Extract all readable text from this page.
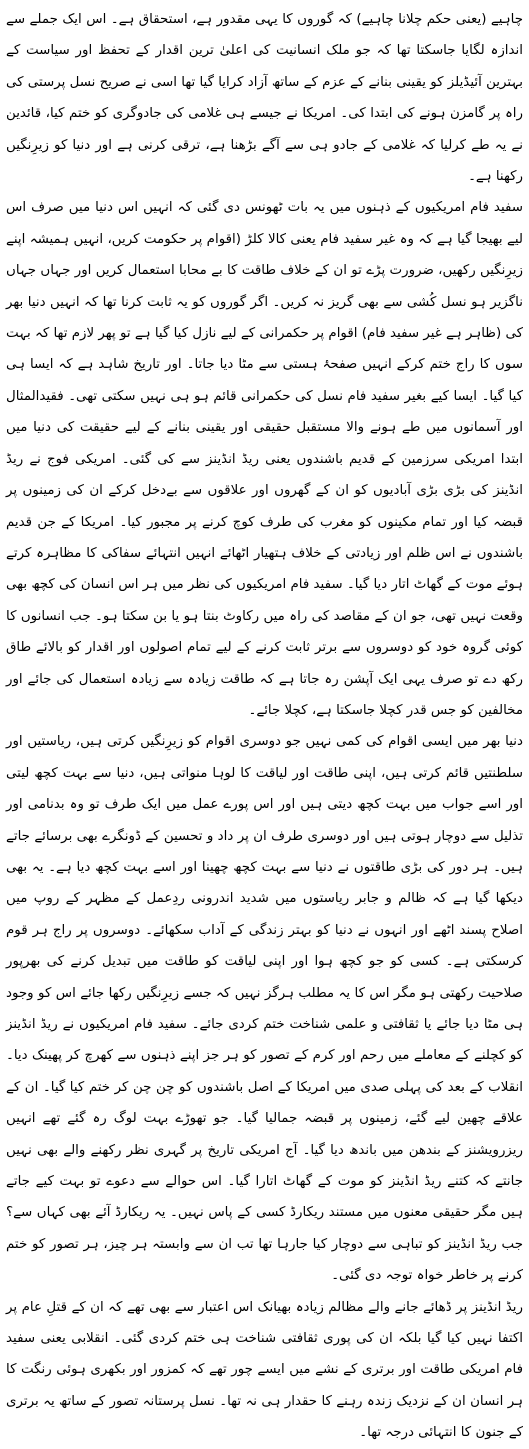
چاہیے (یعنی حکم چلانا چاہیے) کہ گوروں کا یہی مقدور ہے، استحقاق ہے۔ اس ایک جملے سے اندازہ لگایا جاسکتا تھا کہ جو ملک انسانیت کی اعلیٰ ترین اقدار کے تحفظ اور سیاست کے بہترین آئیڈیلز کو یقینی بنانے کے عزم کے ساتھ آزاد کرایا گیا تھا اسی نے صریح نسل پرستی کی راہ پر گامزن ہونے کی ابتدا کی۔ امریکا نے جیسے ہی غلامی کی جادوگری کو ختم کیا، قائدین نے یہ طے کرلیا کہ غلامی کے جادو ہی سے آگے بڑھنا ہے، ترقی کرنی ہے اور دنیا کو زیرِنگیں رکھنا ہے۔

سفید فام امریکیوں کے ذہنوں میں یہ بات ٹھونس دی گئی کہ انہیں اس دنیا میں صرف اس لیے بھیجا گیا ہے کہ وہ غیر سفید فام یعنی کالا کلڑ (اقوام پر حکومت کریں، انہیں ہمیشہ اپنے زیرِنگیں رکھیں، ضرورت پڑے تو ان کے خلاف طاقت کا بے محابا استعمال کریں اور جہاں جہاں ناگزیر ہو نسل کُشی سے بھی گریز نہ کریں۔ اگر گوروں کو یہ ثابت کرنا تھا کہ انہیں دنیا بھر کی (ظاہر ہے غیر سفید فام) اقوام پر حکمرانی کے لیے نازل کیا گیا ہے تو پھر لازم تھا کہ بہت سوں کا راج ختم کرکے انہیں صفحۂ ہستی سے مٹا دیا جاتا۔ اور تاریخ شاہد ہے کہ ایسا ہی کیا گیا۔ ایسا کیے بغیر سفید فام نسل کی حکمرانی قائم ہو ہی نہیں سکتی تھی۔ فقیدالمثال اور آسمانوں میں طے ہونے والا مستقبل حقیقی اور یقینی بنانے کے لیے حقیقت کی دنیا میں ابتدا امریکی سرزمین کے قدیم باشندوں یعنی ریڈ انڈینز سے کی گئی۔ امریکی فوج نے ریڈ انڈینز کی بڑی بڑی آبادیوں کو ان کے گھروں اور علاقوں سے بےدخل کرکے ان کی زمینوں پر قبضہ کیا اور تمام مکینوں کو مغرب کی طرف کوچ کرنے پر مجبور کیا۔ امریکا کے جن قدیم باشندوں نے اس ظلم اور زیادتی کے خلاف ہتھیار اٹھائے انہیں انتہائے سفاکی کا مظاہرہ کرتے ہوئے موت کے گھاٹ اتار دیا گیا۔ سفید فام امریکیوں کی نظر میں ہر اس انسان کی کچھ بھی وقعت نہیں تھی، جو ان کے مقاصد کی راہ میں رکاوٹ بنتا ہو یا بن سکتا ہو۔ جب انسانوں کا کوئی گروہ خود کو دوسروں سے برتر ثابت کرنے کے لیے تمام اصولوں اور اقدار کو بالائے طاق رکھ دے تو صرف یہی ایک آپشن رہ جاتا ہے کہ طاقت زیادہ سے زیادہ استعمال کی جائے اور مخالفین کو جس قدر کچلا جاسکتا ہے، کچلا جائے۔

دنیا بھر میں ایسی اقوام کی کمی نہیں جو دوسری اقوام کو زیرِنگیں کرتی ہیں، ریاستیں اور سلطنتیں قائم کرتی ہیں، اپنی طاقت اور لیاقت کا لوہا منواتی ہیں، دنیا سے بہت کچھ لیتی اور اسے جواب میں بہت کچھ دیتی ہیں اور اس پورے عمل میں ایک طرف تو وہ بدنامی اور تذلیل سے دوچار ہوتی ہیں اور دوسری طرف ان پر داد و تحسین کے ڈونگرے بھی برسائے جاتے ہیں۔ ہر دور کی بڑی طاقتوں نے دنیا سے بہت کچھ چھینا اور اسے بہت کچھ دیا ہے۔ یہ بھی دیکھا گیا ہے کہ ظالم و جابر ریاستوں میں شدید اندرونی ردِعمل کے مظہر کے روپ میں اصلاح پسند اٹھے اور انہوں نے دنیا کو بہتر زندگی کے آداب سکھائے۔ دوسروں پر راج ہر قوم کرسکتی ہے۔ کسی کو جو کچھ ہوا اور اپنی لیاقت کو طاقت میں تبدیل کرنے کی بھرپور صلاحیت رکھتی ہو مگر اس کا یہ مطلب ہرگز نہیں کہ جسے زیرِنگیں رکھا جائے اس کو وجود ہی مٹا دیا جائے یا ثقافتی و علمی شناخت ختم کردی جائے۔ سفید فام امریکیوں نے ریڈ انڈینز کو کچلنے کے معاملے میں رحم اور کرم کے تصور کو ہر جز اپنے ذہنوں سے کھرچ کر پھینک دیا۔ انقلاب کے بعد کی پہلی صدی میں امریکا کے اصل باشندوں کو چن چن کر ختم کیا گیا۔ ان کے علاقے چھین لیے گئے، زمینوں پر قبضہ جمالیا گیا۔ جو تھوڑے بہت لوگ رہ گئے تھے انہیں ریزرویشنز کے بندھن میں باندھ دیا گیا۔ آج امریکی تاریخ پر گہری نظر رکھنے والے بھی نہیں جانتے کہ کتنے ریڈ انڈینز کو موت کے گھاٹ اتارا گیا۔ اس حوالے سے دعوے تو بہت کیے جاتے ہیں مگر حقیقی معنوں میں مستند ریکارڈ کسی کے پاس نہیں۔ یہ ریکارڈ آئے بھی کہاں سے؟ جب ریڈ انڈینز کو تباہی سے دوچار کیا جارہا تھا تب ان سے وابستہ ہر چیز، ہر تصور کو ختم کرنے پر خاطر خواہ توجہ دی گئی۔

ریڈ انڈینز پر ڈھائے جانے والے مظالم زیادہ بھیانک اس اعتبار سے بھی تھے کہ ان کے قتلِ عام پر اکتفا نہیں کیا گیا بلکہ ان کی پوری ثقافتی شناخت ہی ختم کردی گئی۔ انقلابی یعنی سفید فام امریکی طاقت اور برتری کے نشے میں ایسے چور تھے کہ کمزور اور بکھری ہوئی رنگت کا ہر انسان ان کے نزدیک زندہ رہنے کا حقدار ہی نہ تھا۔ نسل پرستانہ تصور کے ساتھ یہ برتری کے جنون کا انتہائی درجہ تھا۔
